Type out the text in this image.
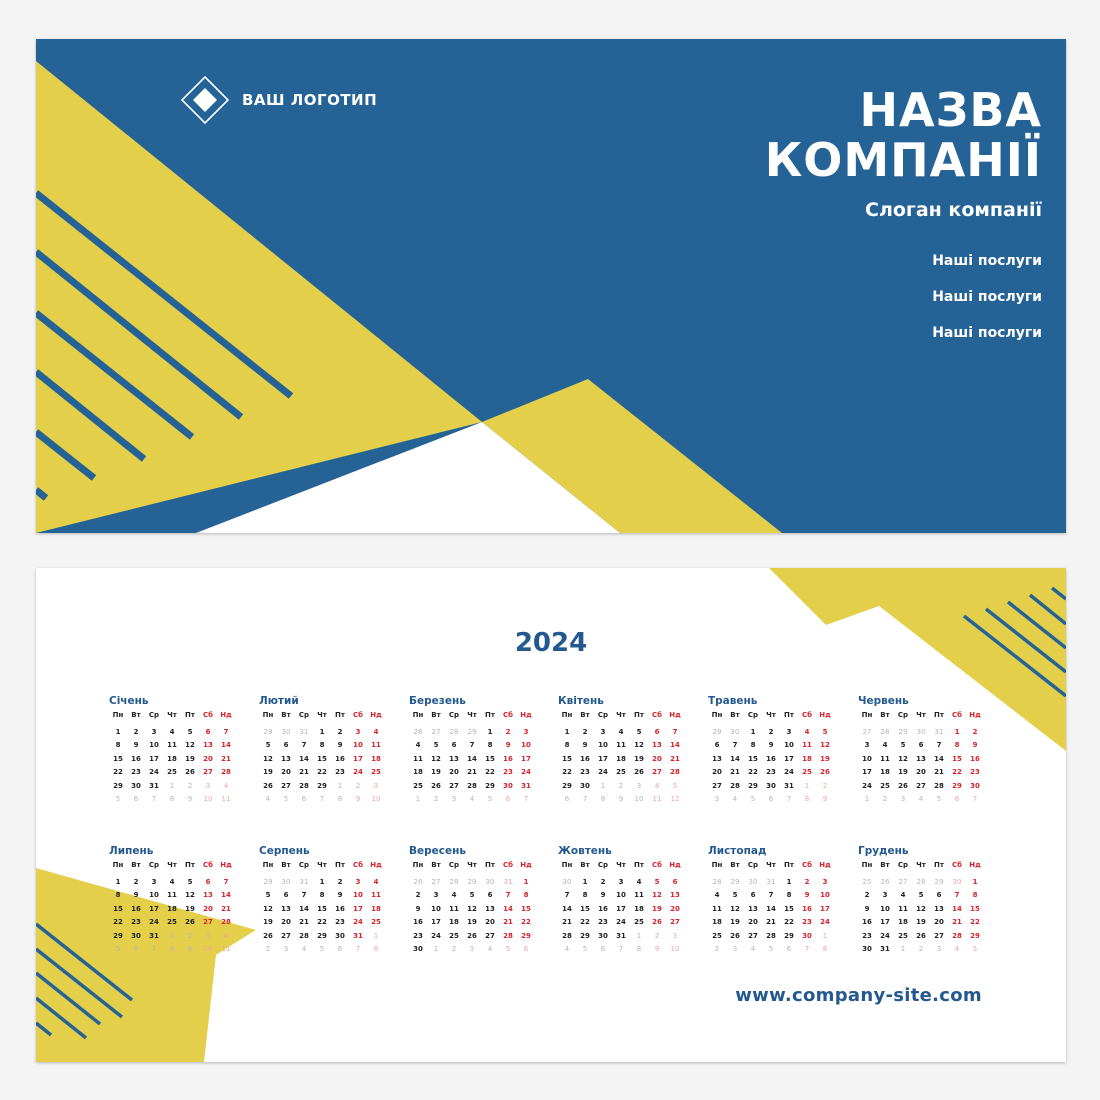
ВАШ ЛОГОТИП	НАЗВА
КОМПАНІЇ
Слоган компанії
Наші послуги
Наші послуги
Наші послуги
2024
Січень
Пн	Вт	Ср	Чт	Пт	Сб	Нд
1	2	3	4	5	6	7
8	9	10	11	12	13	14
15	16	17	18	19	20	21
22	23	24	25	26	27	28
29	30	31	1	2	3	4
5	6	7	8	9	10	11
Лютий
Пн	Вт	Ср	Чт	Пт	Сб	Нд
29	30	31	1	2	3	4
5	6	7	8	9	10	11
12	13	14	15	16	17	18
19	20	21	22	23	24	25
26	27	28	29	1	2	3
4	5	6	7	8	9	10
Березень
Пн	Вт	Ср	Чт	Пт	Сб	Нд
26	27	28	29	1	2	3
4	5	6	7	8	9	10
11	12	13	14	15	16	17
18	19	20	21	22	23	24
25	26	27	28	29	30	31
1	2	3	4	5	6	7
Квітень
Пн	Вт	Ср	Чт	Пт	Сб	Нд
1	2	3	4	5	6	7
8	9	10	11	12	13	14
15	16	17	18	19	20	21
22	23	24	25	26	27	28
29	30	1	2	3	4	5
6	7	8	9	10	11	12
Травень
Пн	Вт	Ср	Чт	Пт	Сб	Нд
29	30	1	2	3	4	5
6	7	8	9	10	11	12
13	14	15	16	17	18	19
20	21	22	23	24	25	26
27	28	29	30	31	1	2
3	4	5	6	7	8	9
Червень
Пн	Вт	Ср	Чт	Пт	Сб	Нд
27	28	29	30	31	1	2
3	4	5	6	7	8	9
10	11	12	13	14	15	16
17	18	19	20	21	22	23
24	25	26	27	28	29	30
1	2	3	4	5	6	7
Липень
Пн	Вт	Ср	Чт	Пт	Сб	Нд
1	2	3	4	5	6	7
8	9	10	11	12	13	14
15	16	17	18	19	20	21
22	23	24	25	26	27	28
29	30	31	1	2	3	4
5	6	7	8	9	10	11
Серпень
Пн	Вт	Ср	Чт	Пт	Сб	Нд
29	30	31	1	2	3	4
5	6	7	8	9	10	11
12	13	14	15	16	17	18
19	20	21	22	23	24	25
26	27	28	29	30	31	1
2	3	4	5	6	7	8
Вересень
Пн	Вт	Ср	Чт	Пт	Сб	Нд
26	27	28	29	30	31	1
2	3	4	5	6	7	8
9	10	11	12	13	14	15
16	17	18	19	20	21	22
23	24	25	26	27	28	29
30	1	2	3	4	5	6
Жовтень
Пн	Вт	Ср	Чт	Пт	Сб	Нд
30	1	2	3	4	5	6
7	8	9	10	11	12	13
14	15	16	17	18	19	20
21	22	23	24	25	26	27
28	29	30	31	1	2	3
4	5	6	7	8	9	10
Листопад
Пн	Вт	Ср	Чт	Пт	Сб	Нд
28	29	30	31	1	2	3
4	5	6	7	8	9	10
11	12	13	14	15	16	17
18	19	20	21	22	23	24
25	26	27	28	29	30	1
2	3	4	5	6	7	8
Грудень
Пн	Вт	Ср	Чт	Пт	Сб	Нд
25	26	27	28	29	30	1
2	3	4	5	6	7	8
9	10	11	12	13	14	15
16	17	18	19	20	21	22
23	24	25	26	27	28	29
30	31	1	2	3	4	5
www.company-site.com
